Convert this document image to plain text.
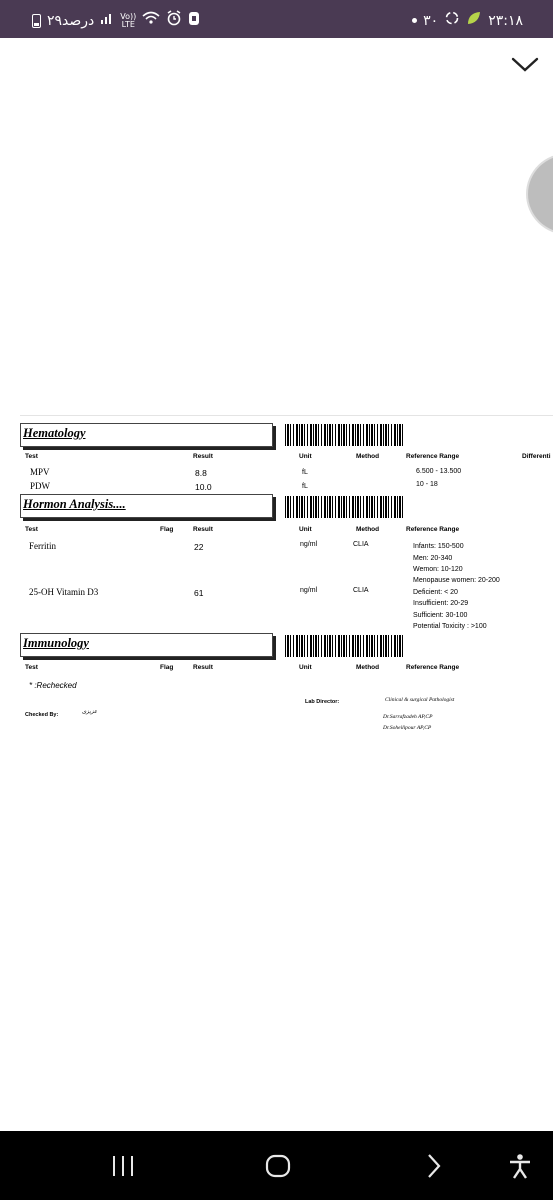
۲۹درصد	Vo))
LTE	۳۰	۲۳:۱۸
Hematology
Test	Result	Unit	Method	Reference Range	Differenti
MPV	8.8	fL	6.500 - 13.500
PDW	10.0	fL	10 - 18
Hormon Analysis....
Test	Flag	Result	Unit	Method	Reference Range
Ferritin	22	ng/ml	CLIA	Infants: 150-500
Men: 20-340
Wemon: 10-120
Menopause women: 20-200
25-OH Vitamin D3	61	ng/ml	CLIA	Deficient: < 20
Insufficient: 20-29
Sufficient: 30-100
Potential Toxicity : >100
Immunology
Test	Flag	Result	Unit	Method	Reference Range
* :Rechecked
Checked By:	عزیزی
Lab Director:	Clinical & surgical Pathologist
Dr.Sarrafzadeh AP,CP
Dr.Soheilipour AP,CP
